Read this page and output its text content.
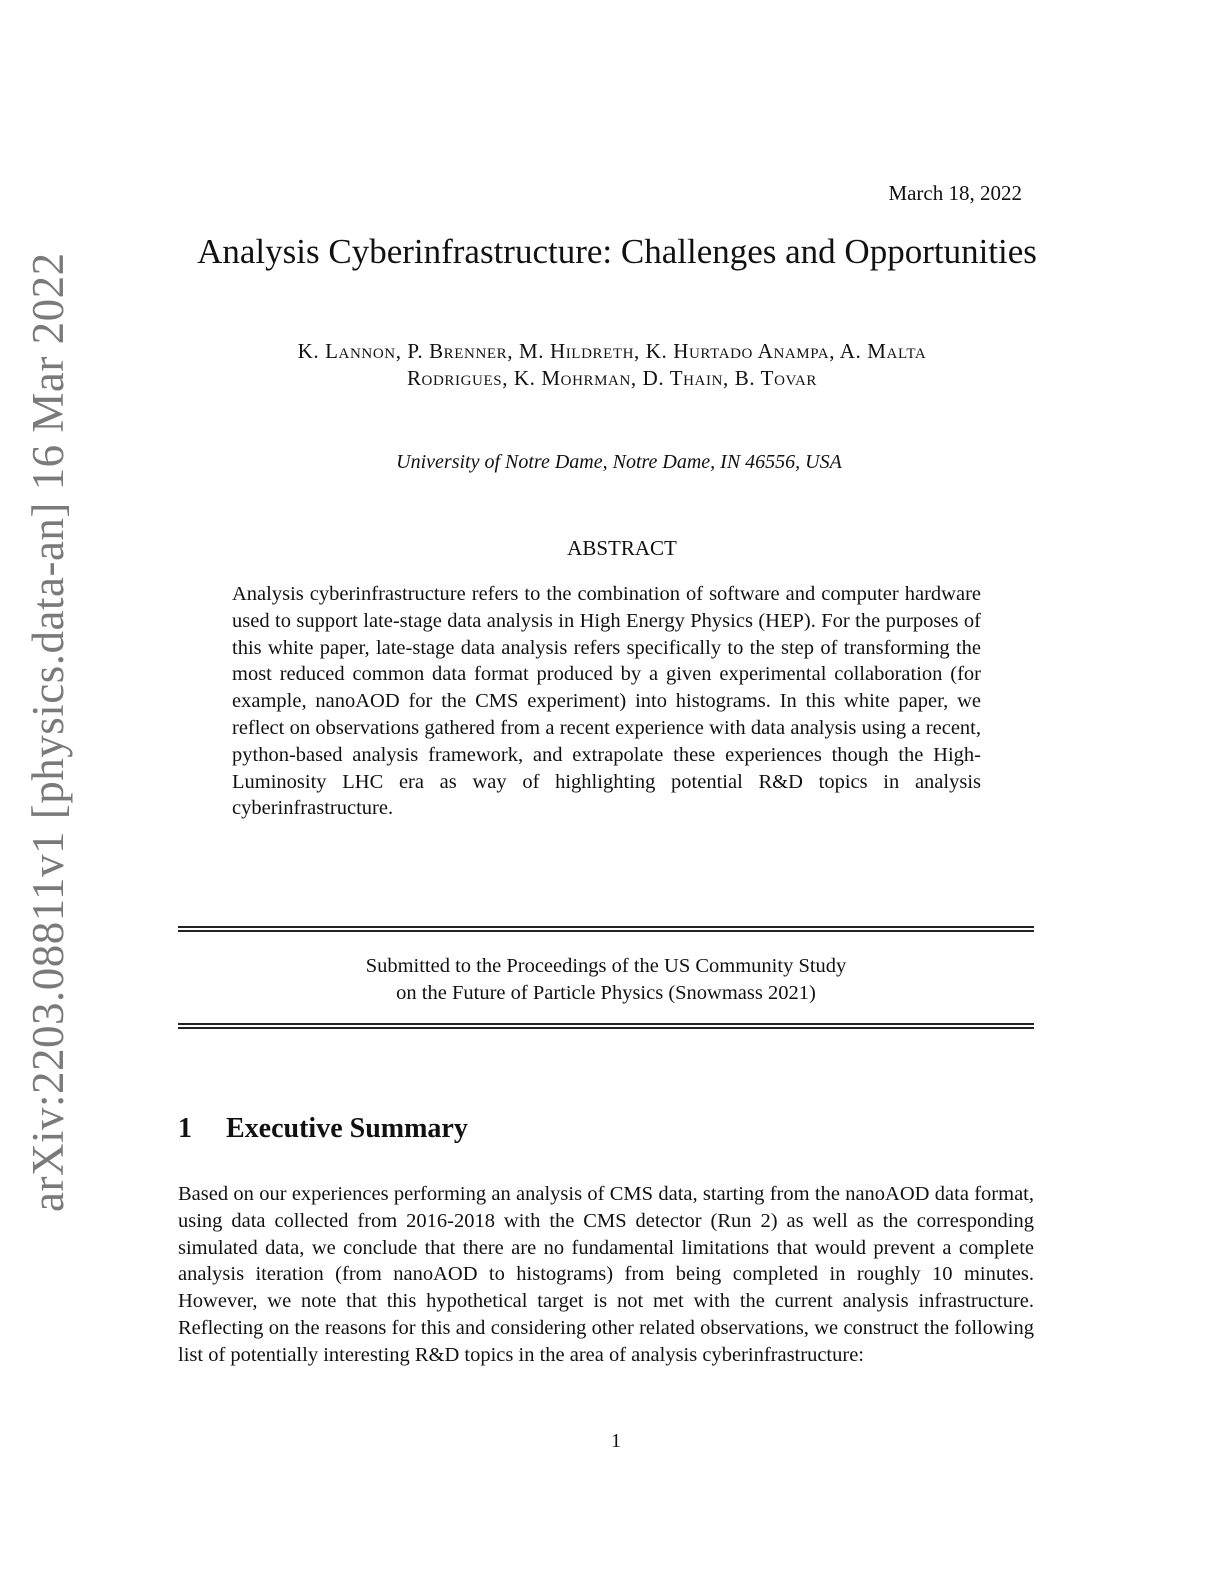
arXiv:2203.08811v1 [physics.data-an] 16 Mar 2022
March 18, 2022
Analysis Cyberinfrastructure: Challenges and Opportunities
K. Lannon, P. Brenner, M. Hildreth, K. Hurtado Anampa, A. Malta
Rodrigues, K. Mohrman, D. Thain, B. Tovar
University of Notre Dame, Notre Dame, IN 46556, USA
ABSTRACT
Analysis cyberinfrastructure refers to the combination of software and computer hardware used to support late-stage data analysis in High Energy Physics (HEP). For the purposes of this white paper, late-stage data analysis refers specifically to the step of transforming the most reduced common data format produced by a given experimental collaboration (for example, nanoAOD for the CMS experiment) into histograms. In this white paper, we reflect on observations gathered from a recent experience with data analysis using a recent, python-based analysis framework, and extrapolate these experiences though the High-Luminosity LHC era as way of highlighting potential R&D topics in analysis cyberinfrastructure.
Submitted to the Proceedings of the US Community Study
on the Future of Particle Physics (Snowmass 2021)
1 Executive Summary
Based on our experiences performing an analysis of CMS data, starting from the nanoAOD data format, using data collected from 2016-2018 with the CMS detector (Run 2) as well as the corresponding simulated data, we conclude that there are no fundamental limitations that would prevent a complete analysis iteration (from nanoAOD to histograms) from being completed in roughly 10 minutes. However, we note that this hypothetical target is not met with the current analysis infrastructure. Reflecting on the reasons for this and considering other related observations, we construct the following list of potentially interesting R&D topics in the area of analysis cyberinfrastructure:
1
